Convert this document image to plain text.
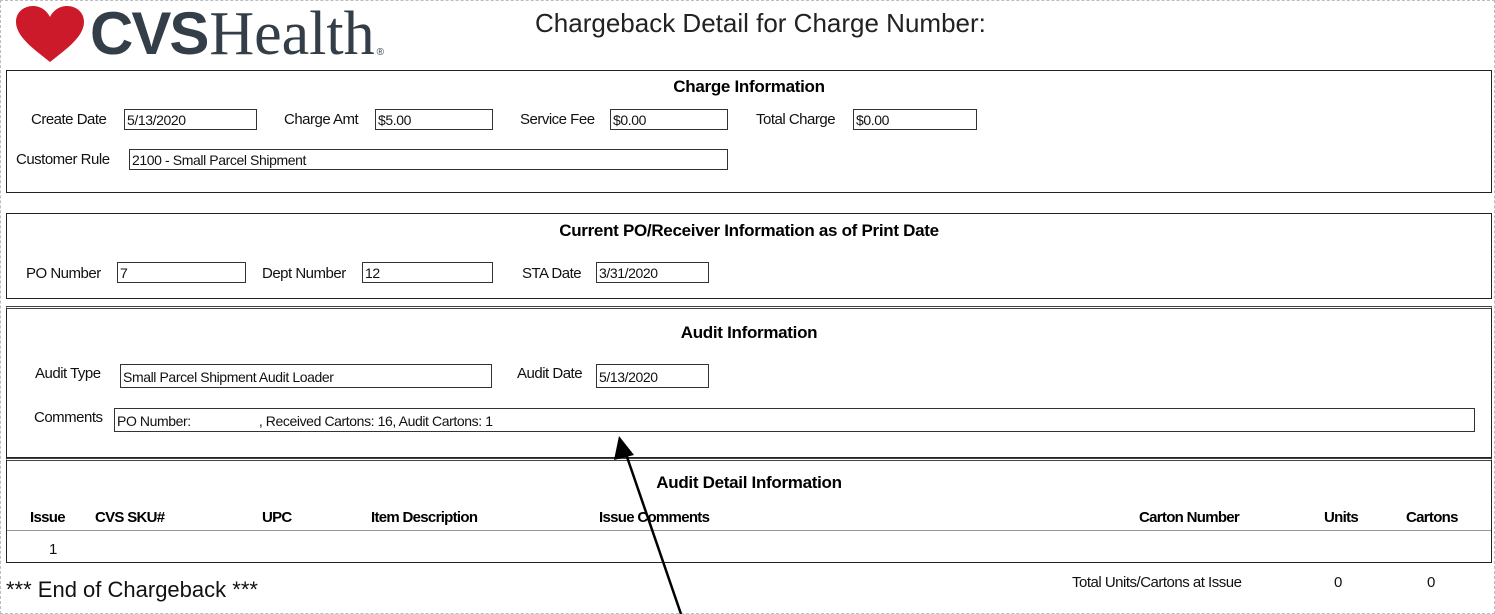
CVS Health ®
Chargeback Detail for Charge Number:
Charge Information
Create Date 5/13/2020	Charge Amt $5.00	Service Fee $0.00	Total Charge $0.00
Customer Rule 2100 - Small Parcel Shipment
Current PO/Receiver Information as of Print Date
PO Number 7	Dept Number 12	STA Date 3/31/2020
Audit Information
Audit Type Small Parcel Shipment Audit Loader	Audit Date 5/13/2020
Comments PO Number:	, Received Cartons: 16, Audit Cartons: 1
Audit Detail Information
Issue CVS SKU#	UPC	Item Description	Issue Comments	Carton Number	Units	Cartons
1
*** End of Chargeback ***	Total Units/Cartons at Issue	0	0
